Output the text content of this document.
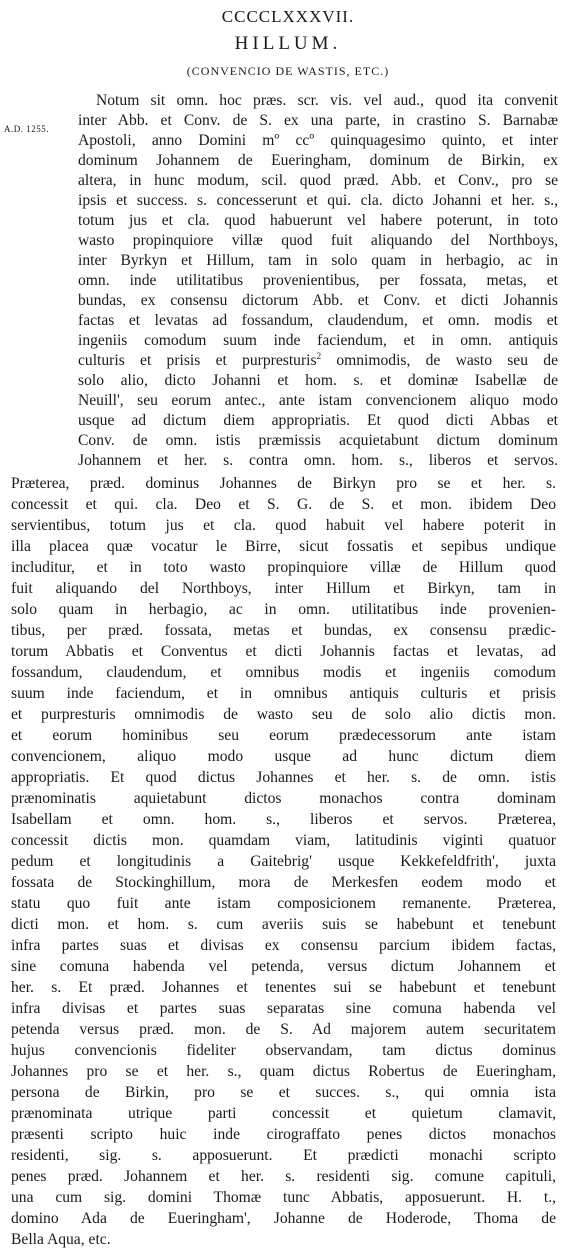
CCCCLXXXVII.
HILLUM.
(CONVENCIO DE WASTIS, ETC.)
A.D. 1255.
Notum sit omn. hoc præs. scr. vis. vel aud., quod ita convenit
inter Abb. et Conv. de S. ex una parte, in crastino S. Barnabæ
Apostoli, anno Domini mº ccº quinquagesimo quinto, et inter
dominum Johannem de Eueringham, dominum de Birkin, ex
altera, in hunc modum, scil. quod præd. Abb. et Conv., pro se
ipsis et success. s. concesserunt et qui. cla. dicto Johanni et her. s.,
totum jus et cla. quod habuerunt vel habere poterunt, in toto
wasto propinquiore villæ quod fuit aliquando del Northboys,
inter Byrkyn et Hillum, tam in solo quam in herbagio, ac in
omn. inde utilitatibus provenientibus, per fossata, metas, et
bundas, ex consensu dictorum Abb. et Conv. et dicti Johannis
factas et levatas ad fossandum, claudendum, et omn. modis et
ingeniis comodum suum inde faciendum, et in omn. antiquis
culturis et prisis et purpresturis$^2$ omnimodis, de wasto seu de
solo alio, dicto Johanni et hom. s. et dominæ Isabellæ de
Neuill', seu eorum antec., ante istam convencionem aliquo modo
usque ad dictum diem appropriatis. Et quod dicti Abbas et
Conv. de omn. istis præmissis acquietabunt dictum dominum
Johannem et her. s. contra omn. hom. s., liberos et servos.
Præterea, præd. dominus Johannes de Birkyn pro se et her. s.
concessit et qui. cla. Deo et S. G. de S. et mon. ibidem Deo
servientibus, totum jus et cla. quod habuit vel habere poterit in
illa placea quæ vocatur le Birre, sicut fossatis et sepibus undique
includitur, et in toto wasto propinquiore villæ de Hillum quod
fuit aliquando del Northboys, inter Hillum et Birkyn, tam in
solo quam in herbagio, ac in omn. utilitatibus inde provenien-
tibus, per præd. fossata, metas et bundas, ex consensu prædic-
torum Abbatis et Conventus et dicti Johannis factas et levatas, ad
fossandum, claudendum, et omnibus modis et ingeniis comodum
suum inde faciendum, et in omnibus antiquis culturis et prisis
et purpresturis omnimodis de wasto seu de solo alio dictis mon.
et eorum hominibus seu eorum prædecessorum ante istam
convencionem, aliquo modo usque ad hunc dictum diem
appropriatis. Et quod dictus Johannes et her. s. de omn. istis
prænominatis aquietabunt dictos monachos contra dominam
Isabellam et omn. hom. s., liberos et servos. Præterea,
concessit dictis mon. quamdam viam, latitudinis viginti quatuor
pedum et longitudinis a Gaitebrig' usque Kekkefeldfrith', juxta
fossata de Stockinghillum, mora de Merkesfen eodem modo et
statu quo fuit ante istam composicionem remanente. Præterea,
dicti mon. et hom. s. cum averiis suis se habebunt et tenebunt
infra partes suas et divisas ex consensu parcium ibidem factas,
sine comuna habenda vel petenda, versus dictum Johannem et
her. s. Et præd. Johannes et tenentes sui se habebunt et tenebunt
infra divisas et partes suas separatas sine comuna habenda vel
petenda versus præd. mon. de S. Ad majorem autem securitatem
hujus convencionis fideliter observandam, tam dictus dominus
Johannes pro se et her. s., quam dictus Robertus de Eueringham,
persona de Birkin, pro se et succes. s., qui omnia ista
prænominata utrique parti concessit et quietum clamavit,
præsenti scripto huic inde cirograffato penes dictos monachos
residenti, sig. s. apposuerunt. Et prædicti monachi scripto
penes præd. Johannem et her. s. residenti sig. comune capituli,
una cum sig. domini Thomæ tunc Abbatis, apposuerunt. H. t.,
domino Ada de Eueringham', Johanne de Hoderode, Thoma de
Bella Aqua, etc.
